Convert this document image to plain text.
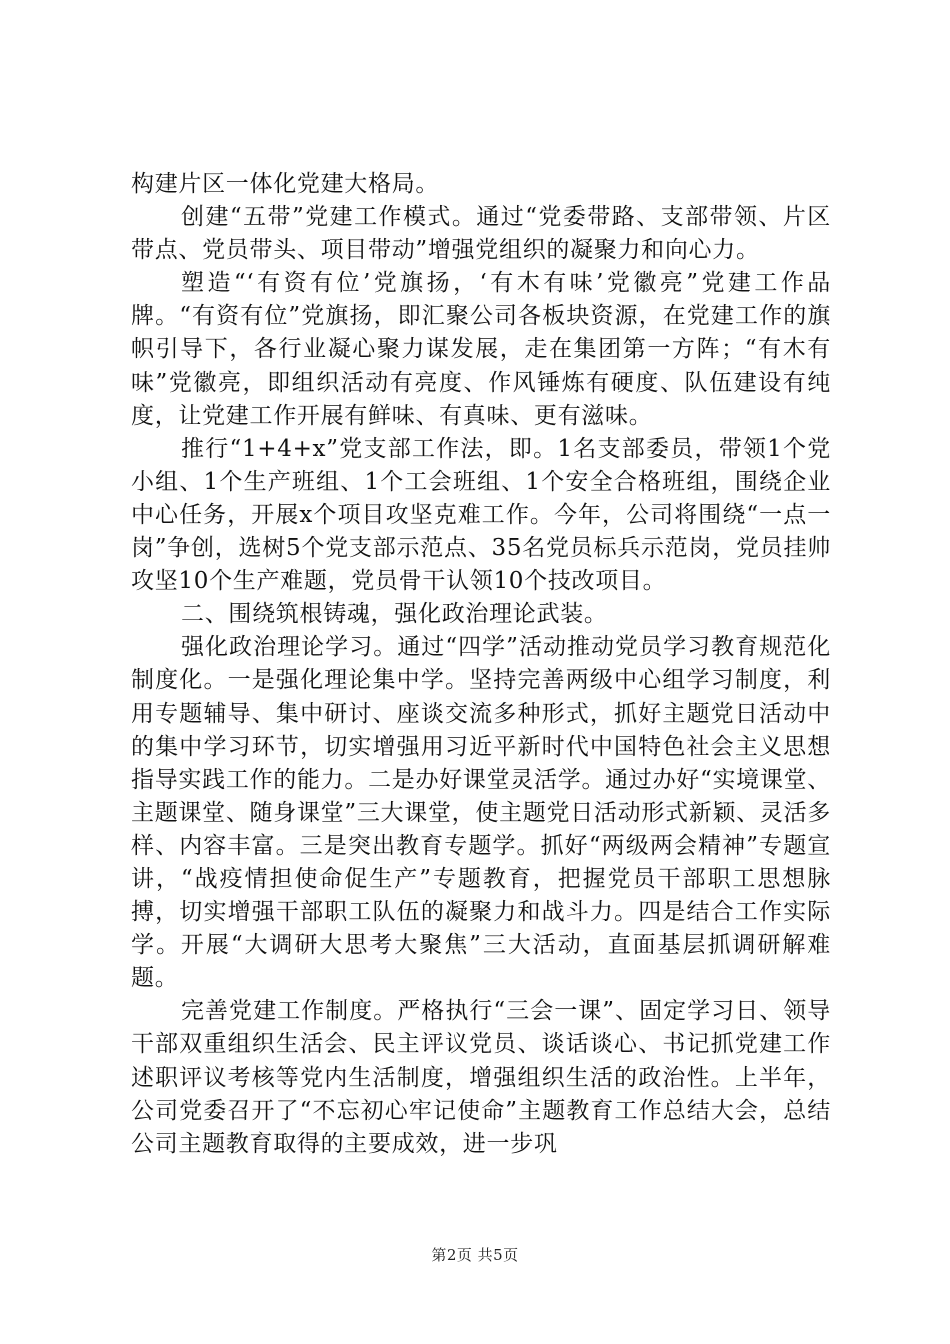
构建片区一体化党建大格局。

创建“五带”党建工作模式。通过“党委带路、支部带领、片区带点、党员带头、项目带动”增强党组织的凝聚力和向心力。

塑造“‘有资有位’党旗扬，‘有木有味’党徽亮”党建工作品牌。“有资有位”党旗扬，即汇聚公司各板块资源，在党建工作的旗帜引导下，各行业凝心聚力谋发展，走在集团第一方阵；“有木有味”党徽亮，即组织活动有亮度、作风锤炼有硬度、队伍建设有纯度，让党建工作开展有鲜味、有真味、更有滋味。

推行“1+4+x”党支部工作法，即。1名支部委员，带领1个党小组、1个生产班组、1个工会班组、1个安全合格班组，围绕企业中心任务，开展x个项目攻坚克难工作。今年，公司将围绕“一点一岗”争创，选树5个党支部示范点、35名党员标兵示范岗，党员挂帅攻坚10个生产难题，党员骨干认领10个技改项目。

二、围绕筑根铸魂，强化政治理论武装。

强化政治理论学习。通过“四学”活动推动党员学习教育规范化制度化。一是强化理论集中学。坚持完善两级中心组学习制度，利用专题辅导、集中研讨、座谈交流多种形式，抓好主题党日活动中的集中学习环节，切实增强用习近平新时代中国特色社会主义思想指导实践工作的能力。二是办好课堂灵活学。通过办好“实境课堂、主题课堂、随身课堂”三大课堂，使主题党日活动形式新颖、灵活多样、内容丰富。三是突出教育专题学。抓好“两级两会精神”专题宣讲，“战疫情担使命促生产”专题教育，把握党员干部职工思想脉搏，切实增强干部职工队伍的凝聚力和战斗力。四是结合工作实际学。开展“大调研大思考大聚焦”三大活动，直面基层抓调研解难题。

完善党建工作制度。严格执行“三会一课”、固定学习日、领导干部双重组织生活会、民主评议党员、谈话谈心、书记抓党建工作述职评议考核等党内生活制度，增强组织生活的政治性。上半年，公司党委召开了“不忘初心牢记使命”主题教育工作总结大会，总结公司主题教育取得的主要成效，进一步巩

第2页 共5页
